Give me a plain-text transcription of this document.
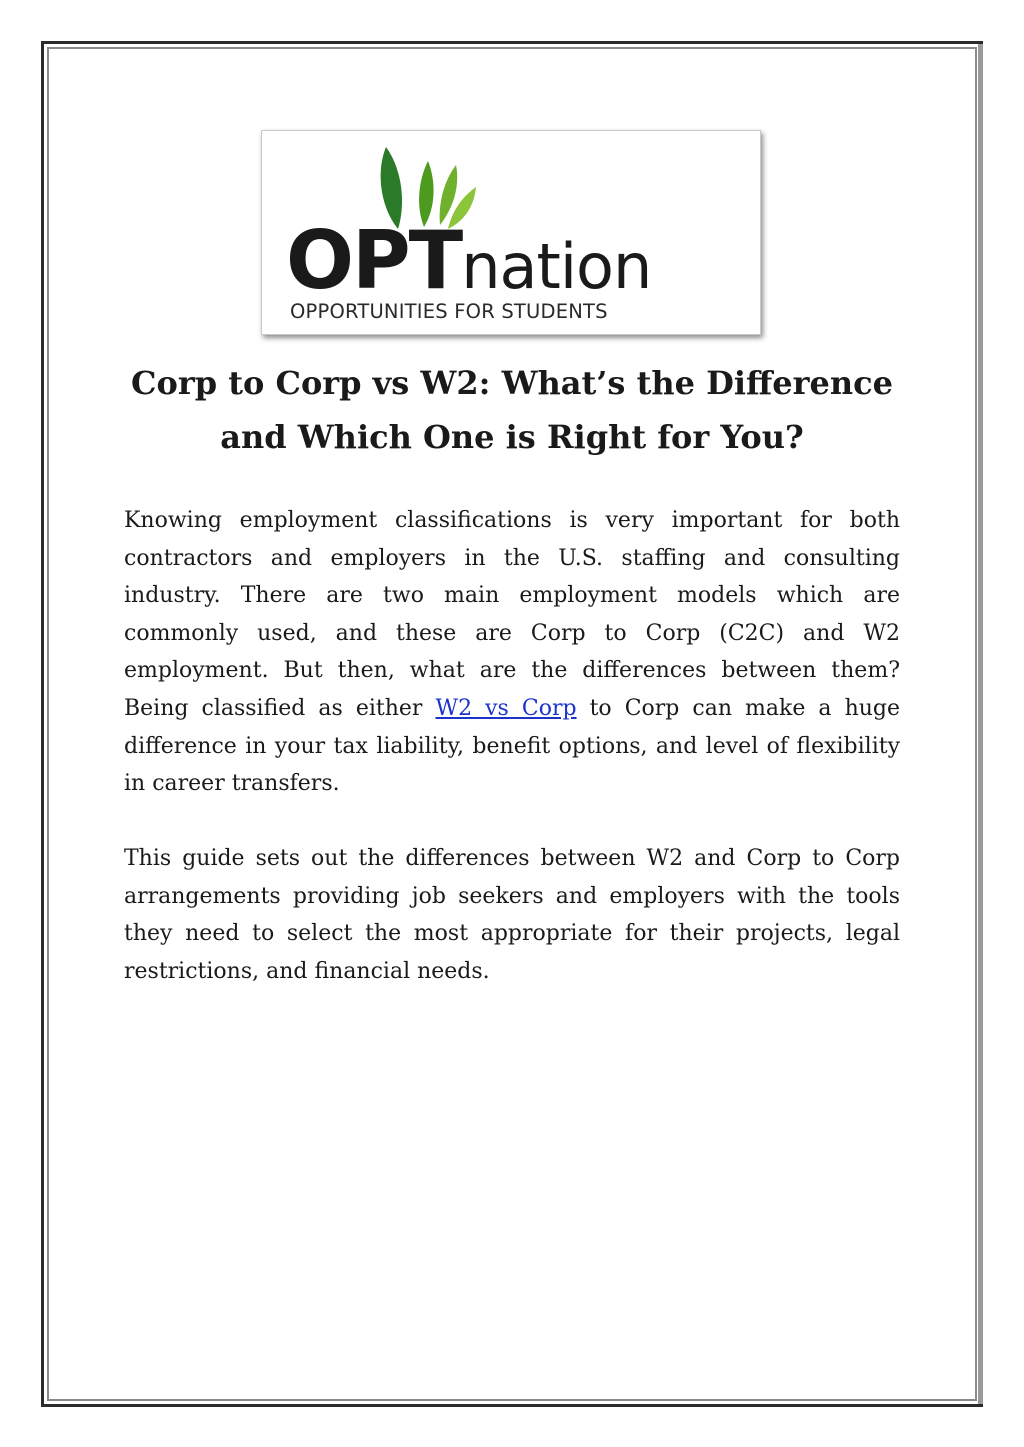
OPTnation
OPPORTUNITIES FOR STUDENTS
Corp to Corp vs W2: What’s the Difference and Which One is Right for You?

Knowing employment classifications is very important for both contractors and employers in the U.S. staffing and consulting industry. There are two main employment models which are commonly used, and these are Corp to Corp (C2C) and W2 employment. But then, what are the differences between them? Being classified as either W2 vs Corp to Corp can make a huge difference in your tax liability, benefit options, and level of flexibility in career transfers.

This guide sets out the differences between W2 and Corp to Corp arrangements providing job seekers and employers with the tools they need to select the most appropriate for their projects, legal restrictions, and financial needs.
